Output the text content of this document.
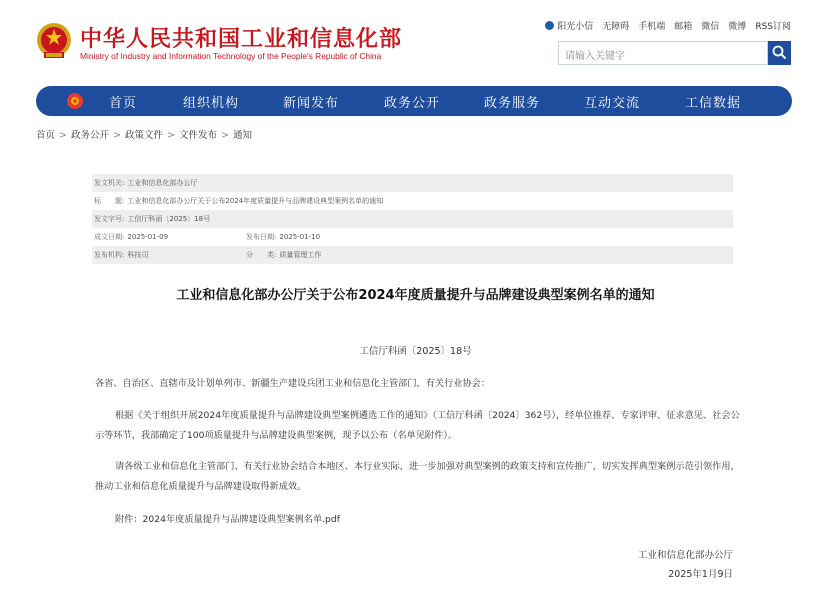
中华人民共和国工业和信息化部
Ministry of Industry and Information Technology of the People's Republic of China
阳光小信 无障碍 手机端 邮箱 微信 微博 RSS订阅
请输入关键字
首页	组织机构	新闻发布	政务公开	政务服务	互动交流	工信数据
首页 > 政务公开 > 政策文件 > 文件发布 > 通知
发文机关: 工业和信息化部办公厅
标　　题: 工业和信息化部办公厅关于公布2024年度质量提升与品牌建设典型案例名单的通知
发文字号: 工信厅科函〔2025〕18号
成文日期: 2025-01-09	发布日期: 2025-01-10
发布机构: 科技司	分　　类: 质量管理工作
工业和信息化部办公厅关于公布2024年度质量提升与品牌建设典型案例名单的通知
工信厅科函〔2025〕18号
各省、自治区、直辖市及计划单列市、新疆生产建设兵团工业和信息化主管部门，有关行业协会：
根据《关于组织开展2024年度质量提升与品牌建设典型案例遴选工作的通知》（工信厅科函〔2024〕362号），经单位推荐、专家评审、征求意见、社会公示等环节，我部确定了100项质量提升与品牌建设典型案例，现予以公布（名单见附件）。
请各级工业和信息化主管部门、有关行业协会结合本地区、本行业实际，进一步加强对典型案例的政策支持和宣传推广，切实发挥典型案例示范引领作用，推动工业和信息化质量提升与品牌建设取得新成效。
附件：2024年度质量提升与品牌建设典型案例名单.pdf
工业和信息化部办公厅
2025年1月9日
